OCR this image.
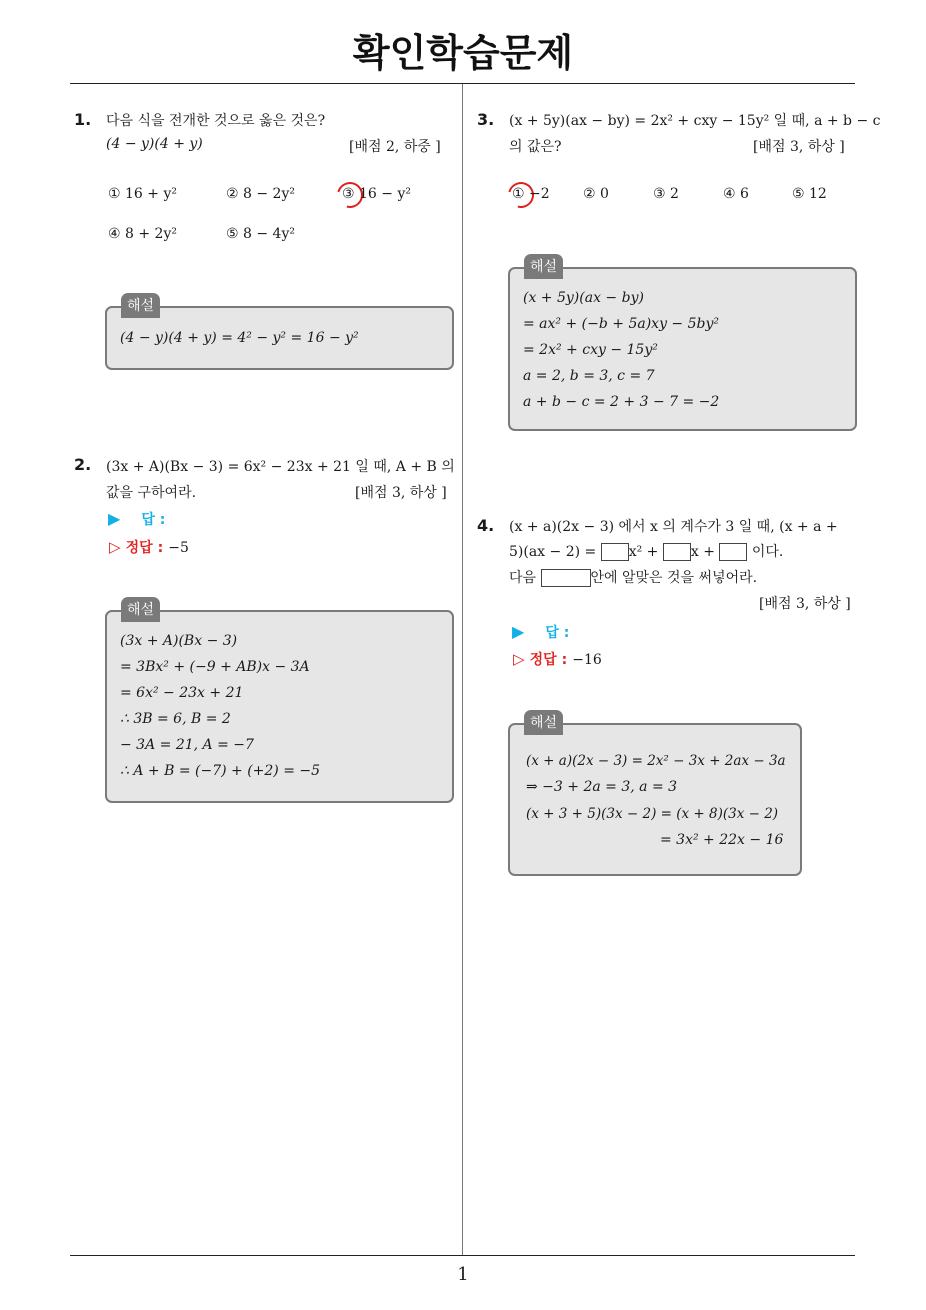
확인학습문제
1
1. 다음 식을 전개한 것으로 옳은 것은?
(4 − y)(4 + y)	[배점 2, 하중 ]
① 16 + y²	② 8 − 2y²	③ 16 − y²
④ 8 + 2y²	⑤ 8 − 4y²
해설
(4 − y)(4 + y) = 4² − y² = 16 − y²
2. (3x + A)(Bx − 3) = 6x² − 23x + 21 일 때, A + B 의
값을 구하여라.	[배점 3, 하상 ]
▶ 답 :
▷ 정답 : −5
해설
(3x + A)(Bx − 3)
= 3Bx² + (−9 + AB)x − 3A
= 6x² − 23x + 21
∴ 3B = 6, B = 2
− 3A = 21, A = −7
∴ A + B = (−7) + (+2) = −5
3. (x + 5y)(ax − by) = 2x² + cxy − 15y² 일 때, a + b − c
의 값은?	[배점 3, 하상 ]
① −2 ② 0	③ 2	④ 6	⑤ 12
해설
(x + 5y)(ax − by)
= ax² + (−b + 5a)xy − 5by²
= 2x² + cxy − 15y²
a = 2, b = 3, c = 7
a + b − c = 2 + 3 − 7 = −2
4. (x + a)(2x − 3) 에서 x 의 계수가 3 일 때, (x + a +
5)(ax − 2) = x² + x +	이다.
다음	안에 알맞은 것을 써넣어라.
[배점 3, 하상 ]
▶ 답 :
▷ 정답 : −16
해설
(x + a)(2x − 3) = 2x² − 3x + 2ax − 3a
⇒ −3 + 2a = 3, a = 3
(x + 3 + 5)(3x − 2) = (x + 8)(3x − 2)
= 3x² + 22x − 16
